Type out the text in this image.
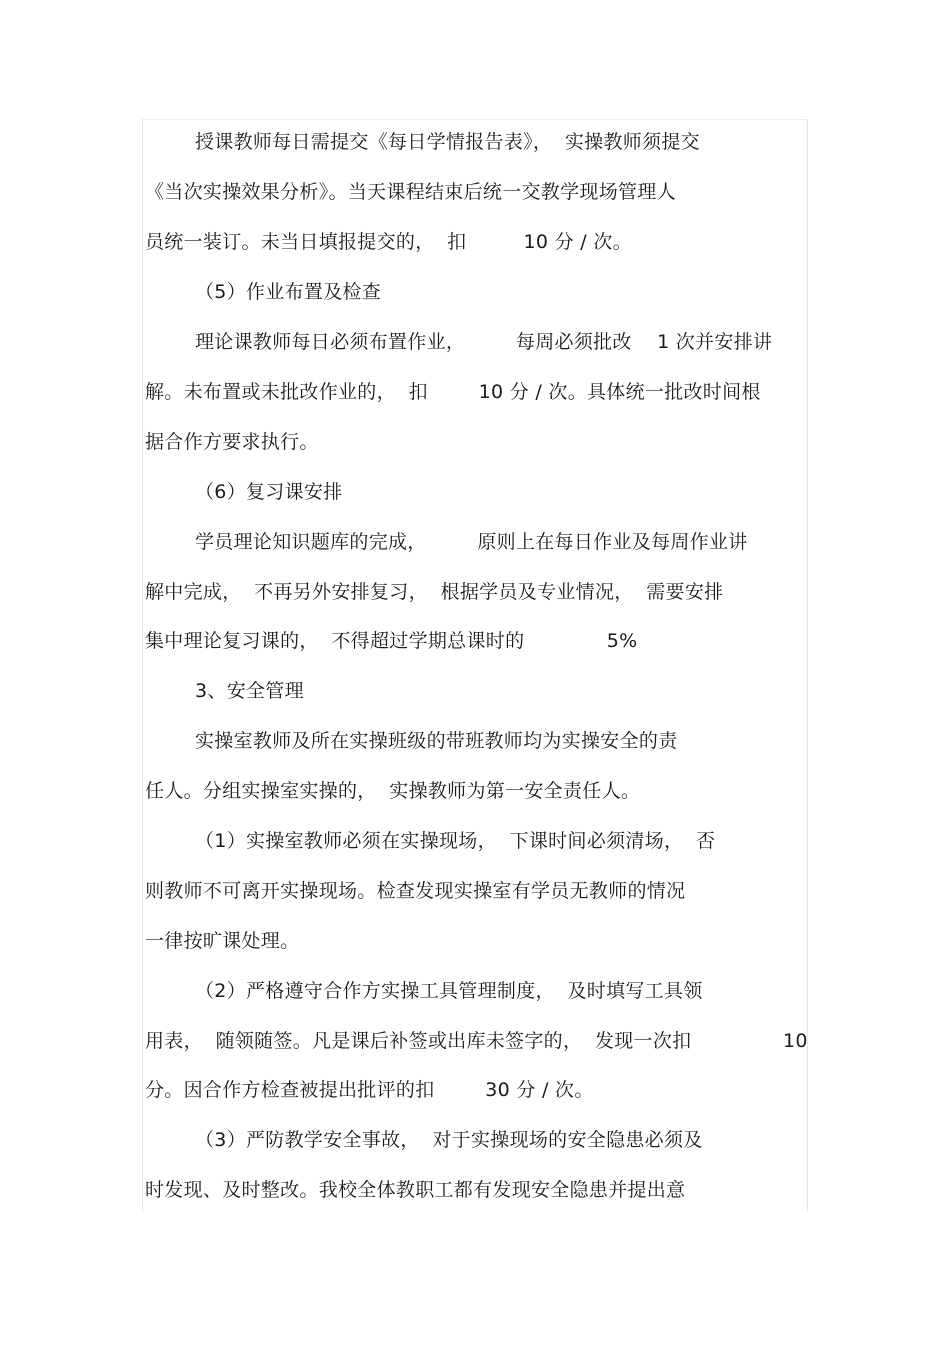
授课教师每日需提交《每日学情报告表》，  实操教师须提交
《当次实操效果分析》。当天课程结束后统一交教学现场管理人
员统一装订。未当日填报提交的，  扣         10 分 / 次。
（5）作业布置及检查
理论课教师每日必须布置作业，        每周必须批改    1 次并安排讲
解。未布置或未批改作业的，  扣        10 分 / 次。具体统一批改时间根
据合作方要求执行。
（6）复习课安排
学员理论知识题库的完成，        原则上在每日作业及每周作业讲
解中完成，  不再另外安排复习，  根据学员及专业情况，  需要安排
集中理论复习课的，  不得超过学期总课时的             5%
3、安全管理
实操室教师及所在实操班级的带班教师均为实操安全的责
任人。分组实操室实操的，  实操教师为第一安全责任人。
（1）实操室教师必须在实操现场，  下课时间必须清场，  否
则教师不可离开实操现场。检查发现实操室有学员无教师的情况
一律按旷课处理。
（2）严格遵守合作方实操工具管理制度，  及时填写工具领
用表，  随领随签。凡是课后补签或出库未签字的，  发现一次扣	10
分。因合作方检查被提出批评的扣        30 分 / 次。
（3）严防教学安全事故，  对于实操现场的安全隐患必须及
时发现、及时整改。我校全体教职工都有发现安全隐患并提出意
